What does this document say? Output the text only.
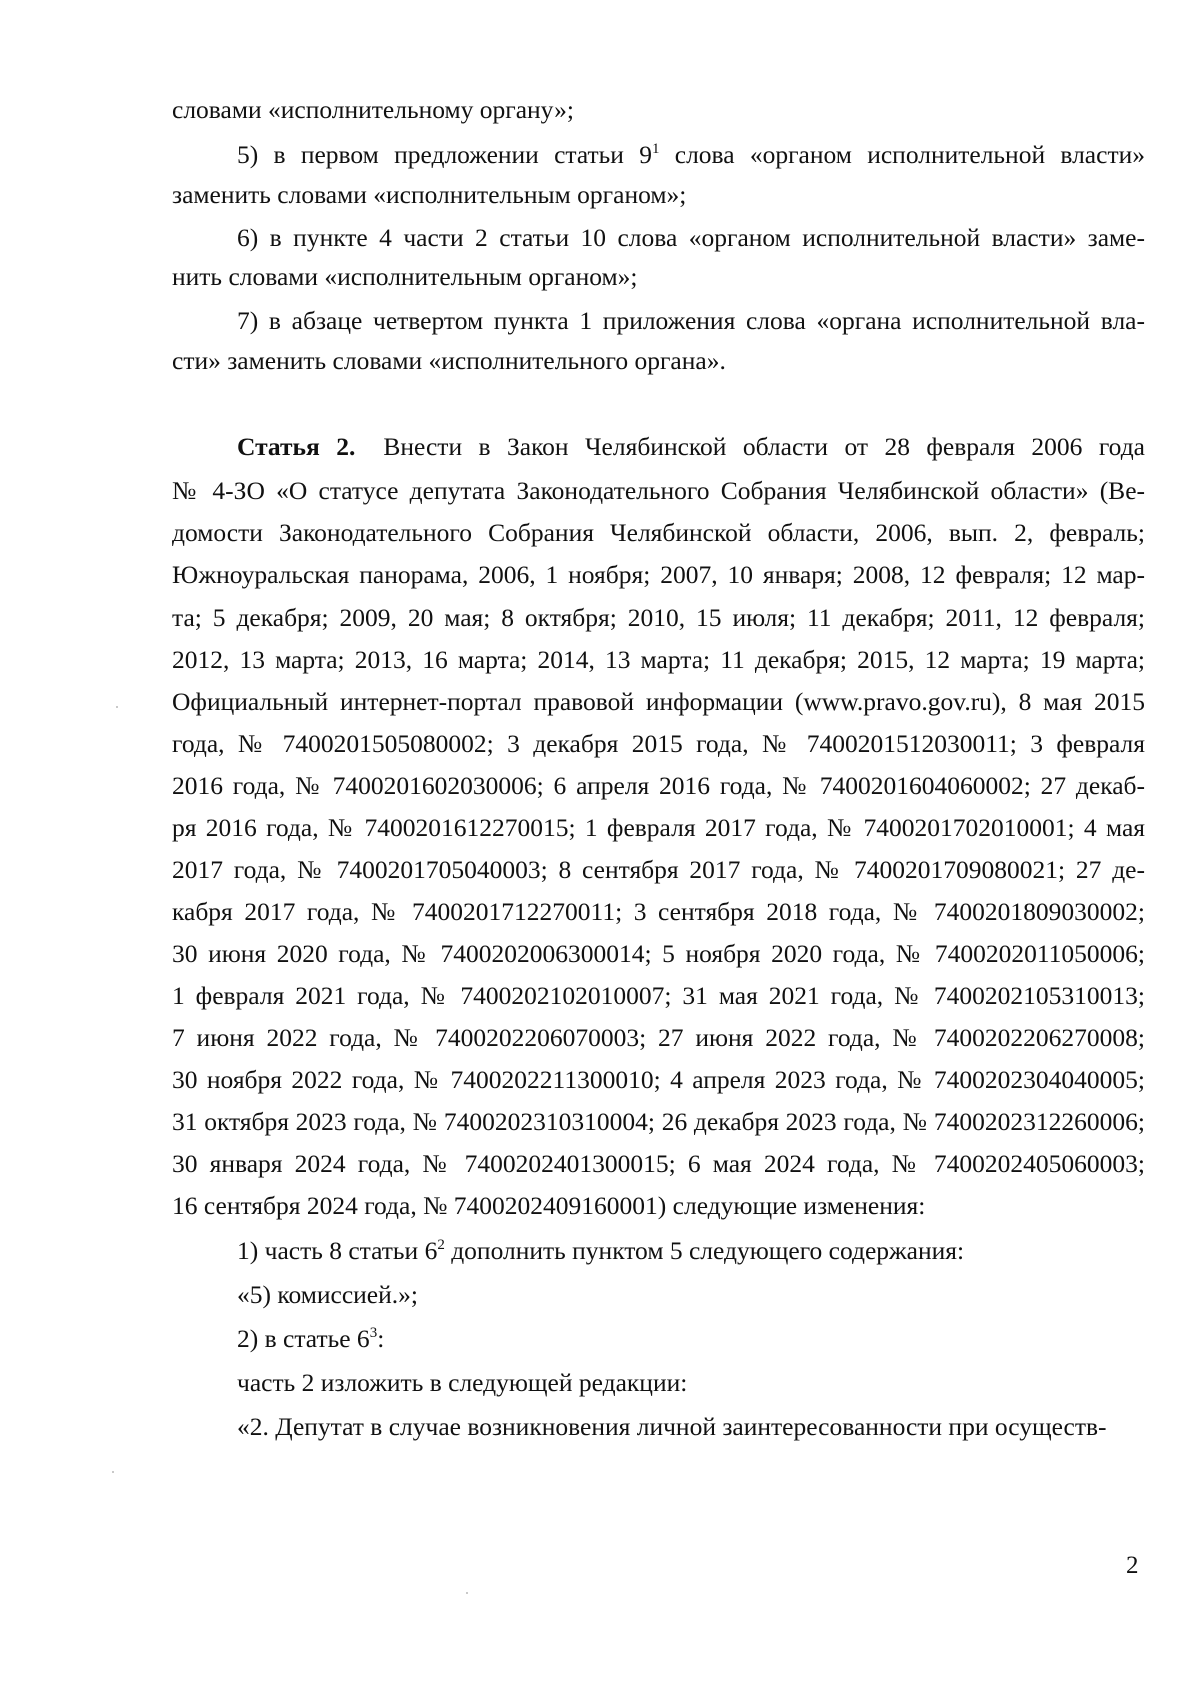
словами «исполнительному органу»;
5) в первом предложении статьи $9^1$ слова «органом исполнительной власти»
заменить словами «исполнительным органом»;
6) в пункте 4 части 2 статьи 10 слова «органом исполнительной власти» заме-
нить словами «исполнительным органом»;
7) в абзаце четвертом пункта 1 приложения слова «органа исполнительной вла-
сти» заменить словами «исполнительного органа».
Статья 2. Внести в Закон Челябинской области от 28 февраля 2006 года
№ 4-ЗО «О статусе депутата Законодательного Собрания Челябинской области» (Ве-
домости Законодательного Собрания Челябинской области, 2006, вып. 2, февраль;
Южноуральская панорама, 2006, 1 ноября; 2007, 10 января; 2008, 12 февраля; 12 мар-
та; 5 декабря; 2009, 20 мая; 8 октября; 2010, 15 июля; 11 декабря; 2011, 12 февраля;
2012, 13 марта; 2013, 16 марта; 2014, 13 марта; 11 декабря; 2015, 12 марта; 19 марта;
Официальный интернет-портал правовой информации (www.pravo.gov.ru), 8 мая 2015
года, № 7400201505080002; 3 декабря 2015 года, № 7400201512030011; 3 февраля
2016 года, № 7400201602030006; 6 апреля 2016 года, № 7400201604060002; 27 декаб-
ря 2016 года, № 7400201612270015; 1 февраля 2017 года, № 7400201702010001; 4 мая
2017 года, № 7400201705040003; 8 сентября 2017 года, № 7400201709080021; 27 де-
кабря 2017 года, № 7400201712270011; 3 сентября 2018 года, № 7400201809030002;
30 июня 2020 года, № 7400202006300014; 5 ноября 2020 года, № 7400202011050006;
1 февраля 2021 года, № 7400202102010007; 31 мая 2021 года, № 7400202105310013;
7 июня 2022 года, № 7400202206070003; 27 июня 2022 года, № 7400202206270008;
30 ноября 2022 года, № 7400202211300010; 4 апреля 2023 года, № 7400202304040005;
31 октября 2023 года, № 7400202310310004; 26 декабря 2023 года, № 7400202312260006;
30 января 2024 года, № 7400202401300015; 6 мая 2024 года, № 7400202405060003;
16 сентября 2024 года, № 7400202409160001) следующие изменения:
1) часть 8 статьи $6^2$ дополнить пунктом 5 следующего содержания:
«5) комиссией.»;
2) в статье $6^3$:
часть 2 изложить в следующей редакции:
«2. Депутат в случае возникновения личной заинтересованности при осуществ-
2
